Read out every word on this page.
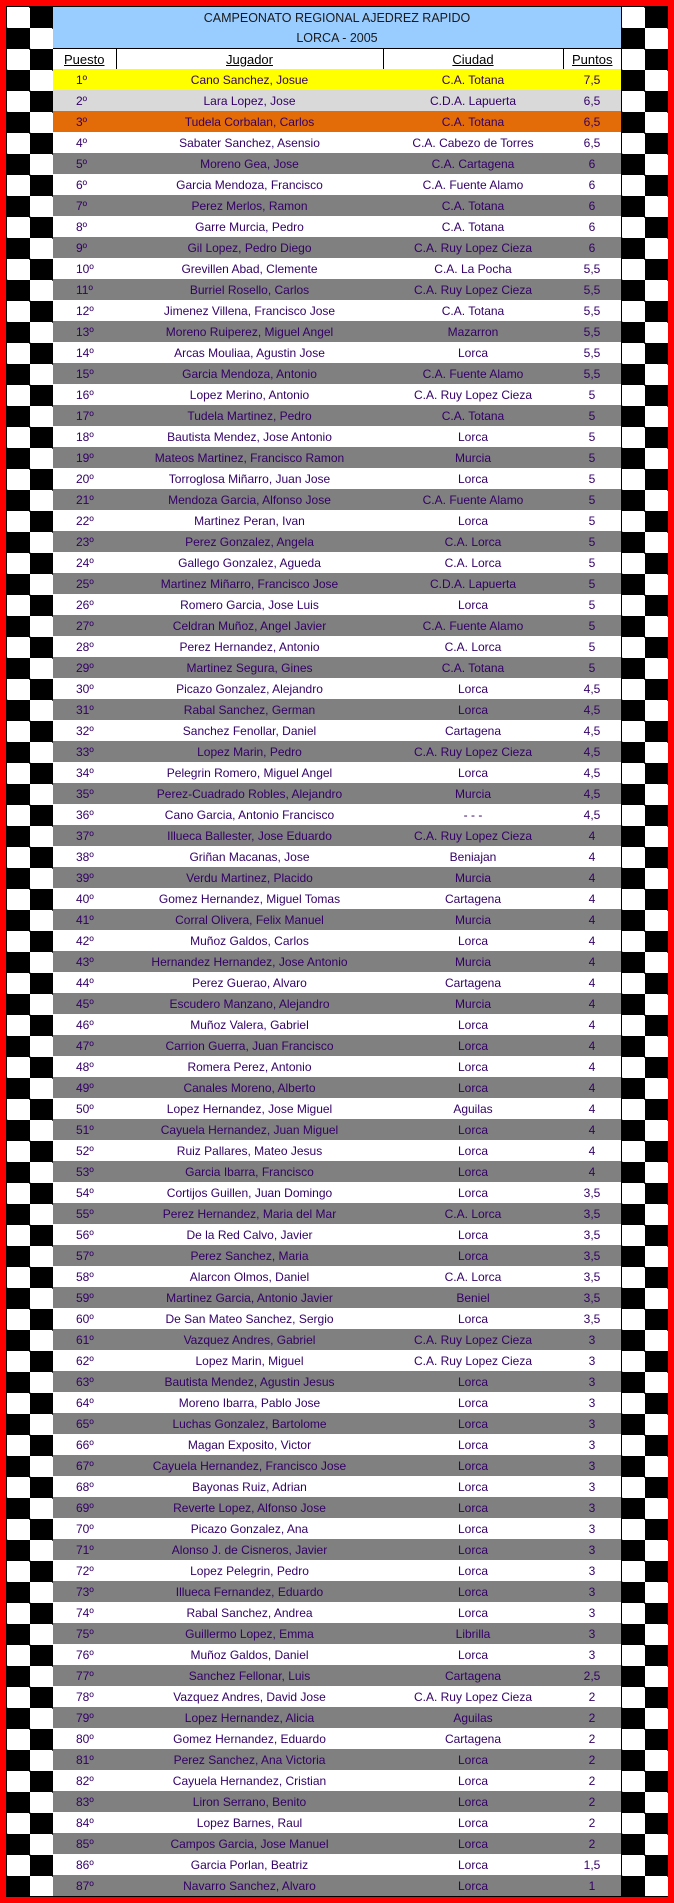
CAMPEONATO REGIONAL AJEDREZ RAPIDO
LORCA - 2005
Puesto	Jugador	Ciudad	Puntos
1º	Cano Sanchez, Josue	C.A. Totana	7,5
2º	Lara Lopez, Jose	C.D.A. Lapuerta	6,5
3º	Tudela Corbalan, Carlos	C.A. Totana	6,5
4º	Sabater Sanchez, Asensio	C.A. Cabezo de Torres	6,5
5º	Moreno Gea, Jose	C.A. Cartagena	6
6º	Garcia Mendoza, Francisco	C.A. Fuente Alamo	6
7º	Perez Merlos, Ramon	C.A. Totana	6
8º	Garre Murcia, Pedro	C.A. Totana	6
9º	Gil Lopez, Pedro Diego	C.A. Ruy Lopez Cieza	6
10º	Grevillen Abad, Clemente	C.A. La Pocha	5,5
11º	Burriel Rosello, Carlos	C.A. Ruy Lopez Cieza	5,5
12º	Jimenez Villena, Francisco Jose	C.A. Totana	5,5
13º	Moreno Ruiperez, Miguel Angel	Mazarron	5,5
14º	Arcas Mouliaa, Agustin Jose	Lorca	5,5
15º	Garcia Mendoza, Antonio	C.A. Fuente Alamo	5,5
16º	Lopez Merino, Antonio	C.A. Ruy Lopez Cieza	5
17º	Tudela Martinez, Pedro	C.A. Totana	5
18º	Bautista Mendez, Jose Antonio	Lorca	5
19º	Mateos Martinez, Francisco Ramon	Murcia	5
20º	Torroglosa Miñarro, Juan Jose	Lorca	5
21º	Mendoza Garcia, Alfonso Jose	C.A. Fuente Alamo	5
22º	Martinez Peran, Ivan	Lorca	5
23º	Perez Gonzalez, Angela	C.A. Lorca	5
24º	Gallego Gonzalez, Agueda	C.A. Lorca	5
25º	Martinez Miñarro, Francisco Jose	C.D.A. Lapuerta	5
26º	Romero Garcia, Jose Luis	Lorca	5
27º	Celdran Muñoz, Angel Javier	C.A. Fuente Alamo	5
28º	Perez Hernandez, Antonio	C.A. Lorca	5
29º	Martinez Segura, Gines	C.A. Totana	5
30º	Picazo Gonzalez, Alejandro	Lorca	4,5
31º	Rabal Sanchez, German	Lorca	4,5
32º	Sanchez Fenollar, Daniel	Cartagena	4,5
33º	Lopez Marin, Pedro	C.A. Ruy Lopez Cieza	4,5
34º	Pelegrin Romero, Miguel Angel	Lorca	4,5
35º	Perez-Cuadrado Robles, Alejandro	Murcia	4,5
36º	Cano Garcia, Antonio Francisco	- - -	4,5
37º	Illueca Ballester, Jose Eduardo	C.A. Ruy Lopez Cieza	4
38º	Griñan Macanas, Jose	Beniajan	4
39º	Verdu Martinez, Placido	Murcia	4
40º	Gomez Hernandez, Miguel Tomas	Cartagena	4
41º	Corral Olivera, Felix Manuel	Murcia	4
42º	Muñoz Galdos, Carlos	Lorca	4
43º	Hernandez Hernandez, Jose Antonio	Murcia	4
44º	Perez Guerao, Alvaro	Cartagena	4
45º	Escudero Manzano, Alejandro	Murcia	4
46º	Muñoz Valera, Gabriel	Lorca	4
47º	Carrion Guerra, Juan Francisco	Lorca	4
48º	Romera Perez, Antonio	Lorca	4
49º	Canales Moreno, Alberto	Lorca	4
50º	Lopez Hernandez, Jose Miguel	Aguilas	4
51º	Cayuela Hernandez, Juan Miguel	Lorca	4
52º	Ruiz Pallares, Mateo Jesus	Lorca	4
53º	Garcia Ibarra, Francisco	Lorca	4
54º	Cortijos Guillen, Juan Domingo	Lorca	3,5
55º	Perez Hernandez, Maria del Mar	C.A. Lorca	3,5
56º	De la Red Calvo, Javier	Lorca	3,5
57º	Perez Sanchez, Maria	Lorca	3,5
58º	Alarcon Olmos, Daniel	C.A. Lorca	3,5
59º	Martinez Garcia, Antonio Javier	Beniel	3,5
60º	De San Mateo Sanchez, Sergio	Lorca	3,5
61º	Vazquez Andres, Gabriel	C.A. Ruy Lopez Cieza	3
62º	Lopez Marin, Miguel	C.A. Ruy Lopez Cieza	3
63º	Bautista Mendez, Agustin Jesus	Lorca	3
64º	Moreno Ibarra, Pablo Jose	Lorca	3
65º	Luchas Gonzalez, Bartolome	Lorca	3
66º	Magan Exposito, Victor	Lorca	3
67º	Cayuela Hernandez, Francisco Jose	Lorca	3
68º	Bayonas Ruiz, Adrian	Lorca	3
69º	Reverte Lopez, Alfonso Jose	Lorca	3
70º	Picazo Gonzalez, Ana	Lorca	3
71º	Alonso J. de Cisneros, Javier	Lorca	3
72º	Lopez Pelegrin, Pedro	Lorca	3
73º	Illueca Fernandez, Eduardo	Lorca	3
74º	Rabal Sanchez, Andrea	Lorca	3
75º	Guillermo Lopez, Emma	Librilla	3
76º	Muñoz Galdos, Daniel	Lorca	3
77º	Sanchez Fellonar, Luis	Cartagena	2,5
78º	Vazquez Andres, David Jose	C.A. Ruy Lopez Cieza	2
79º	Lopez Hernandez, Alicia	Aguilas	2
80º	Gomez Hernandez, Eduardo	Cartagena	2
81º	Perez Sanchez, Ana Victoria	Lorca	2
82º	Cayuela Hernandez, Cristian	Lorca	2
83º	Liron Serrano, Benito	Lorca	2
84º	Lopez Barnes, Raul	Lorca	2
85º	Campos Garcia, Jose Manuel	Lorca	2
86º	Garcia Porlan, Beatriz	Lorca	1,5
87º	Navarro Sanchez, Alvaro	Lorca	1
